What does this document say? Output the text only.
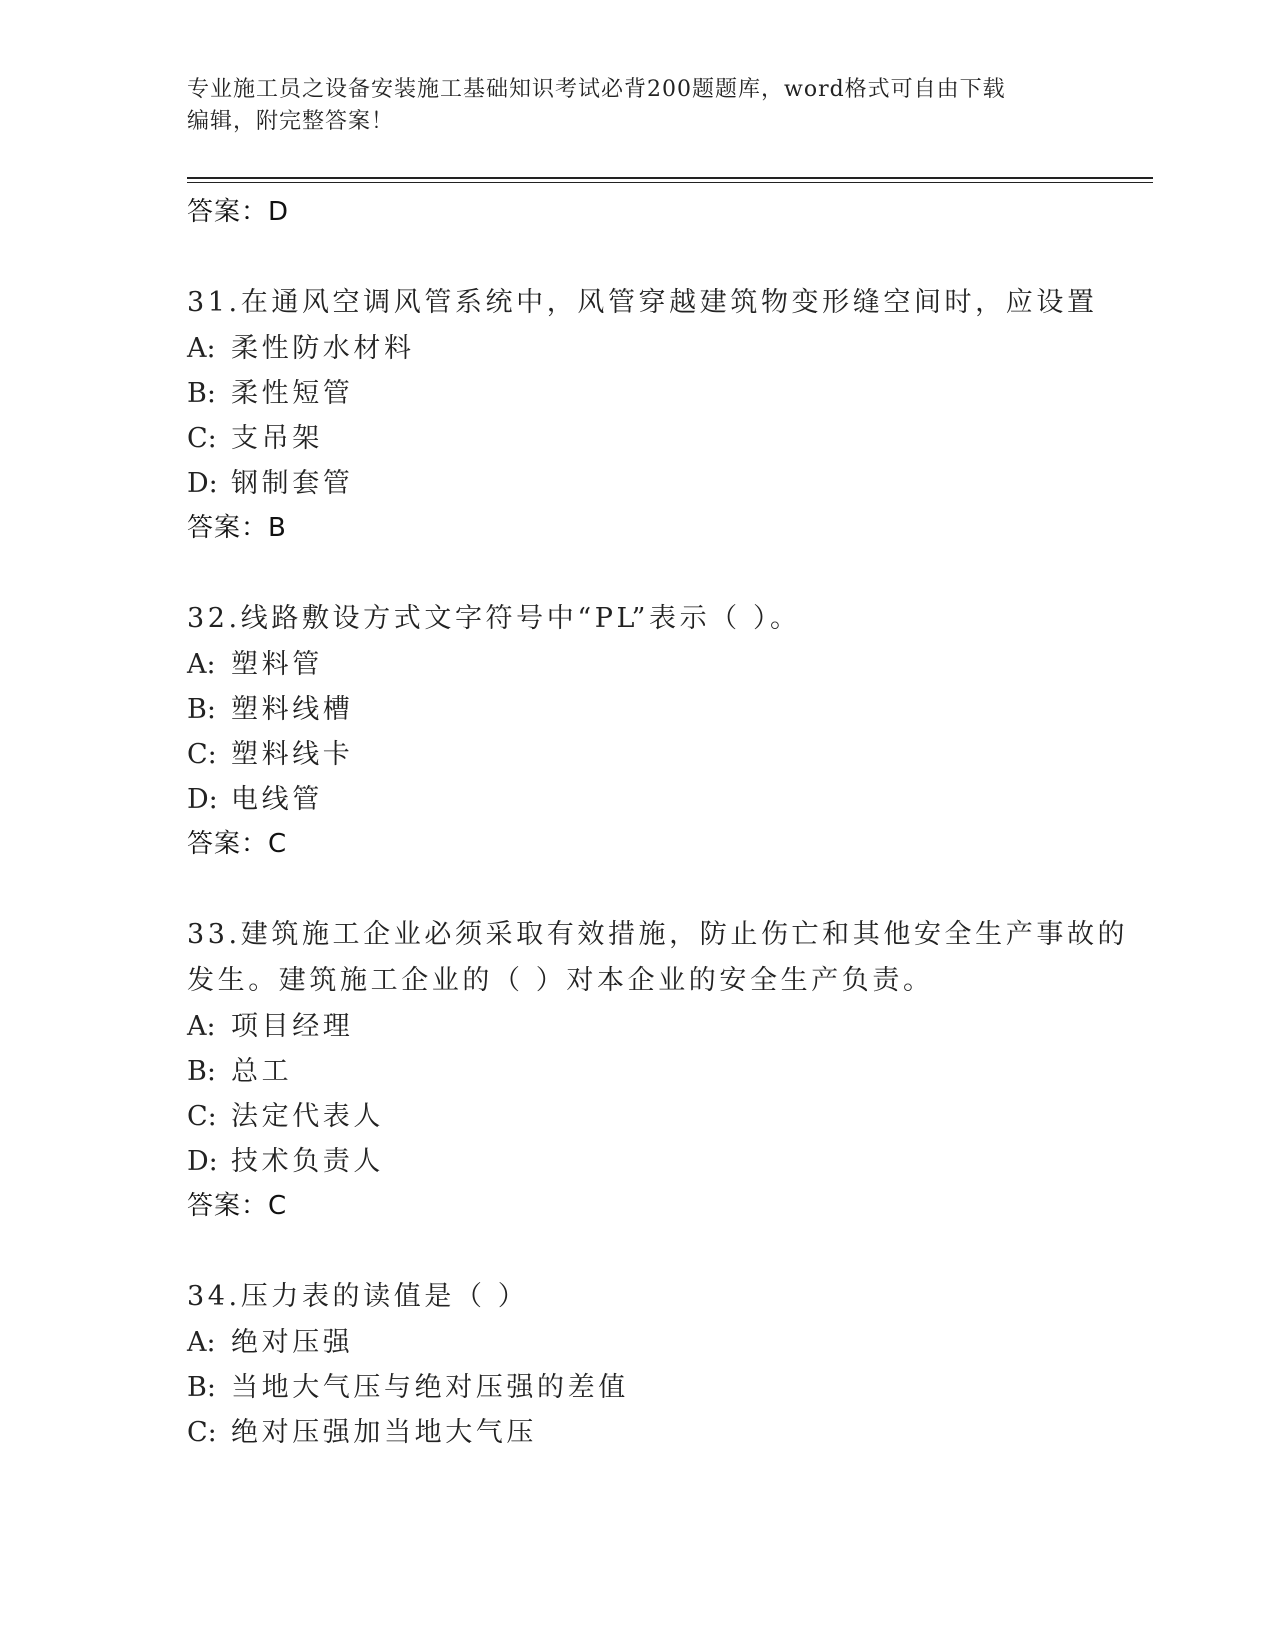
专业施工员之设备安装施工基础知识考试必背200题题库，word格式可自由下载
编辑，附完整答案！
答案：D
31.在通风空调风管系统中，风管穿越建筑物变形缝空间时，应设置
A: 柔性防水材料
B: 柔性短管
C: 支吊架
D: 钢制套管
答案：B
32.线路敷设方式文字符号中“PL”表示（ ）。
A: 塑料管
B: 塑料线槽
C: 塑料线卡
D: 电线管
答案：C
33.建筑施工企业必须采取有效措施，防止伤亡和其他安全生产事故的发生。建筑施工企业的（ ）对本企业的安全生产负责。
A: 项目经理
B: 总工
C: 法定代表人
D: 技术负责人
答案：C
34.压力表的读值是（ ）
A: 绝对压强
B: 当地大气压与绝对压强的差值
C: 绝对压强加当地大气压
